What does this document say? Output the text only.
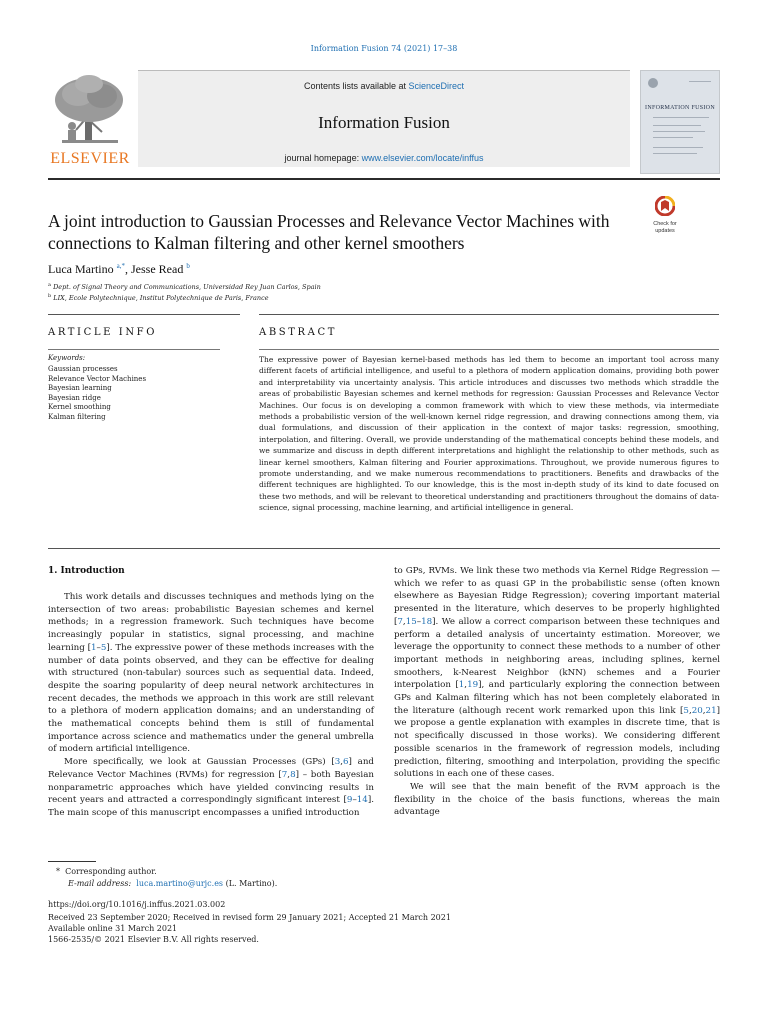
Information Fusion 74 (2021) 17–38
ELSEVIER
Contents lists available at ScienceDirect
Information Fusion
journal homepage: www.elsevier.com/locate/inffus
INFORMATION FUSION
A joint introduction to Gaussian Processes and Relevance Vector Machines with connections to Kalman filtering and other kernel smoothers
Check for
updates
Luca Martino $^{a,*}$, Jesse Read $^b$
$^a$ Dept. of Signal Theory and Communications, Universidad Rey Juan Carlos, Spain
$^b$ LIX, Ecole Polytechnique, Institut Polytechnique de Paris, France
ARTICLE INFO	ABSTRACT
Keywords:
Gaussian processes
Relevance Vector Machines
Bayesian learning
Bayesian ridge
Kernel smoothing
Kalman filtering

The expressive power of Bayesian kernel-based methods has led them to become an important tool across many different facets of artificial intelligence, and useful to a plethora of modern application domains, providing both power and interpretability via uncertainty analysis. This article introduces and discusses two methods which straddle the areas of probabilistic Bayesian schemes and kernel methods for regression: Gaussian Processes and Relevance Vector Machines. Our focus is on developing a common framework with which to view these methods, via intermediate methods a probabilistic version of the well-known kernel ridge regression, and drawing connections among them, via dual formulations, and discussion of their application in the context of major tasks: regression, smoothing, interpolation, and filtering. Overall, we provide understanding of the mathematical concepts behind these models, and we summarize and discuss in depth different interpretations and highlight the relationship to other methods, such as linear kernel smoothers, Kalman filtering and Fourier approximations. Throughout, we provide numerous figures to promote understanding, and we make numerous recommendations to practitioners. Benefits and drawbacks of the different techniques are highlighted. To our knowledge, this is the most in-depth study of its kind to date focused on these two methods, and will be relevant to theoretical understanding and practitioners throughout the domains of data-science, signal processing, machine learning, and artificial intelligence in general.

1. Introduction

This work details and discusses techniques and methods lying on the intersection of two areas: probabilistic Bayesian schemes and kernel methods; in a regression framework. Such techniques have become increasingly popular in statistics, signal processing, and machine learning [1–5]. The expressive power of these methods increases with the number of data points observed, and they can be effective for dealing with structured (non-tabular) sources such as sequential data. Indeed, despite the soaring popularity of deep neural network architectures in recent decades, the methods we approach in this work are still relevant to a plethora of modern application domains; and an understanding of the mathematical concepts behind them is still of fundamental importance across science and mathematics under the general umbrella of modern artificial intelligence.

More specifically, we look at Gaussian Processes (GPs) [3,6] and Relevance Vector Machines (RVMs) for regression [7,8] – both Bayesian nonparametric approaches which have yielded convincing results in recent years and attracted a correspondingly significant interest [9–14]. The main scope of this manuscript encompasses a unified introduction

to GPs, RVMs. We link these two methods via Kernel Ridge Regression — which we refer to as quasi GP in the probabilistic sense (often known elsewhere as Bayesian Ridge Regression); covering important material presented in the literature, which deserves to be properly highlighted [7,15–18]. We allow a correct comparison between these techniques and perform a detailed analysis of uncertainty estimation. Moreover, we leverage the opportunity to connect these methods to a number of other important methods in neighboring areas, including splines, kernel smoothers, k-Nearest Neighbor (kNN) schemes and a Fourier interpolation [1,19], and particularly exploring the connection between GPs and Kalman filtering which has not been completely elaborated in the literature (although recent work remarked upon this link [5,20,21] we propose a gentle explanation with examples in discrete time, that is not specifically discussed in those works). We considering different possible scenarios in the framework of regression models, including prediction, filtering, smoothing and interpolation, providing the specific solutions in each one of these cases.

We will see that the main benefit of the RVM approach is the flexibility in the choice of the basis functions, whereas the main advantage

* Corresponding author.
E-mail address: luca.martino@urjc.es (L. Martino).
https://doi.org/10.1016/j.inffus.2021.03.002
Received 23 September 2020; Received in revised form 29 January 2021; Accepted 21 March 2021
Available online 31 March 2021
1566-2535/© 2021 Elsevier B.V. All rights reserved.
